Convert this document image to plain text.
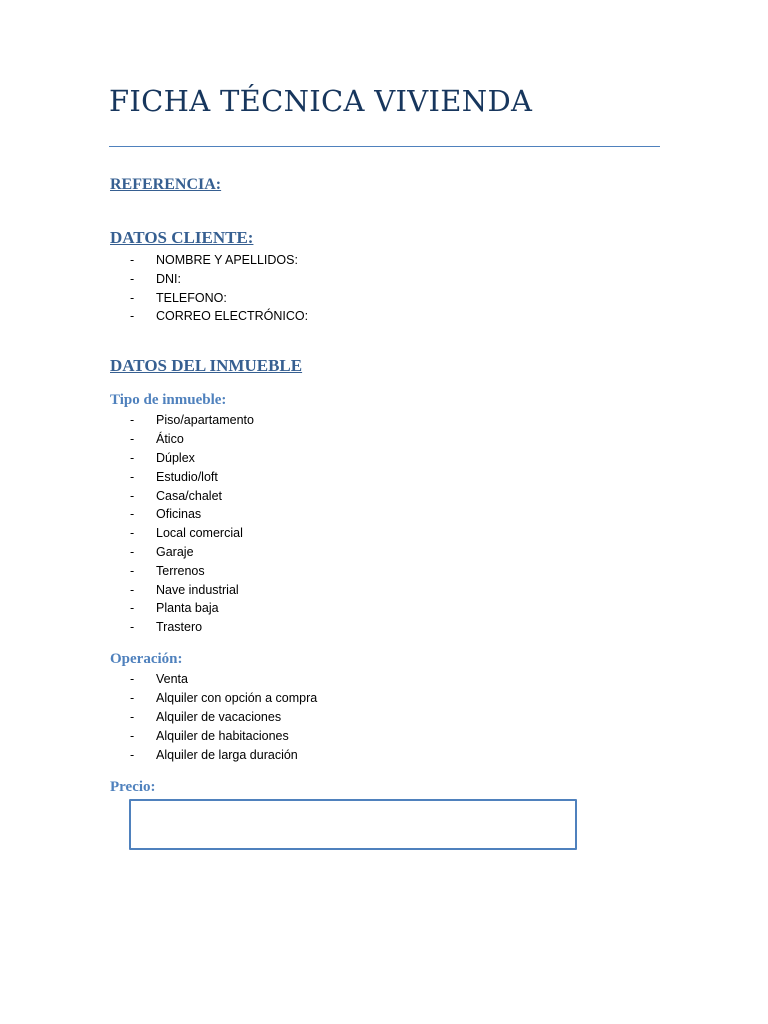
FICHA TÉCNICA VIVIENDA
REFERENCIA:
DATOS CLIENTE:
-	NOMBRE Y APELLIDOS:
-	DNI:
-	TELEFONO:
-	CORREO ELECTRÓNICO:
DATOS DEL INMUEBLE
Tipo de inmueble:
-	Piso/apartamento
-	Ático
-	Dúplex
-	Estudio/loft
-	Casa/chalet
-	Oficinas
-	Local comercial
-	Garaje
-	Terrenos
-	Nave industrial
-	Planta baja
-	Trastero
Operación:
-	Venta
-	Alquiler con opción a compra
-	Alquiler de vacaciones
-	Alquiler de habitaciones
-	Alquiler de larga duración
Precio:
